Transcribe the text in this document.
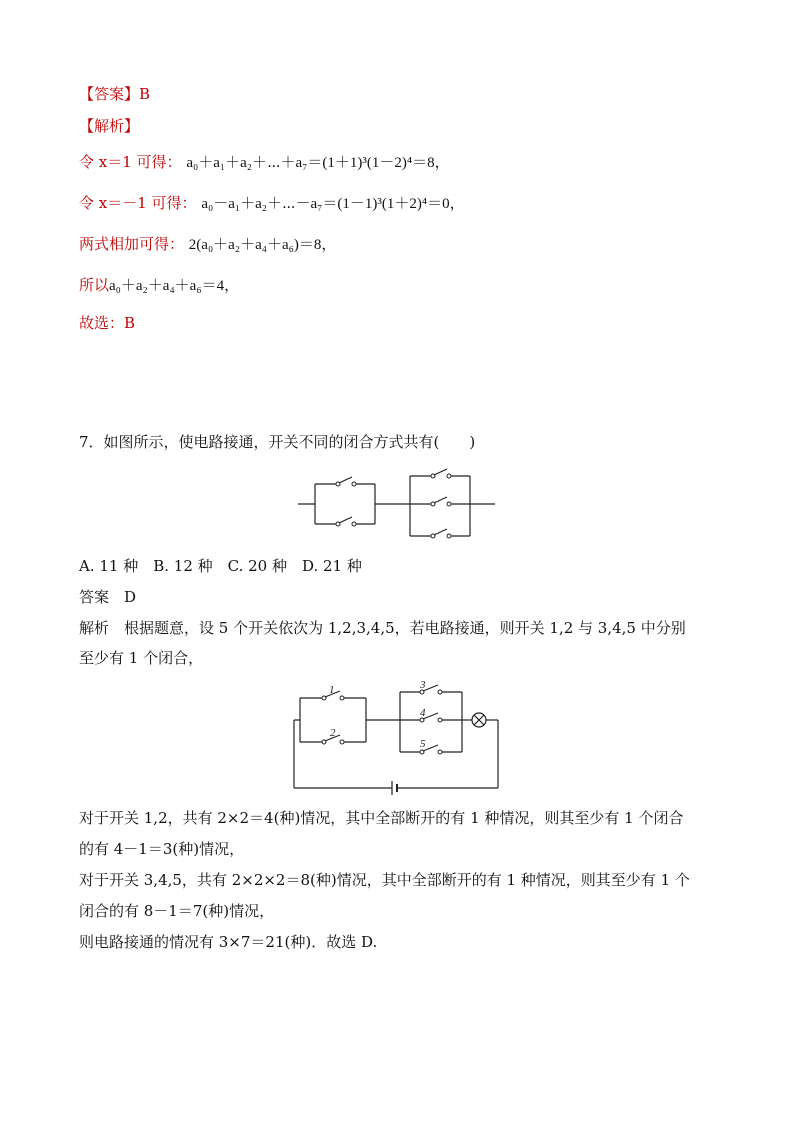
【答案】B
【解析】
令 x＝1 可得： a₀＋a₁＋a₂＋⋯＋a₇＝(1＋1)³(1－2)⁴＝8，
令 x＝－1 可得： a₀－a₁＋a₂＋⋯－a₇＝(1－1)³(1＋2)⁴＝0，
两式相加可得： 2(a₀＋a₂＋a₄＋a₆)＝8，
所以a₀＋a₂＋a₄＋a₆＝4，
故选：B
7．如图所示，使电路接通，开关不同的闭合方式共有(　　)
A. 11 种　B. 12 种　C. 20 种　D. 21 种
答案　D
解析　根据题意，设 5 个开关依次为 1,2,3,4,5，若电路接通，则开关 1,2 与 3,4,5 中分别
至少有 1 个闭合，
1
2
3
4
5
对于开关 1,2，共有 2×2＝4(种)情况，其中全部断开的有 1 种情况，则其至少有 1 个闭合
的有 4－1＝3(种)情况，
对于开关 3,4,5，共有 2×2×2＝8(种)情况，其中全部断开的有 1 种情况，则其至少有 1 个
闭合的有 8－1＝7(种)情况，
则电路接通的情况有 3×7＝21(种)．故选 D.
